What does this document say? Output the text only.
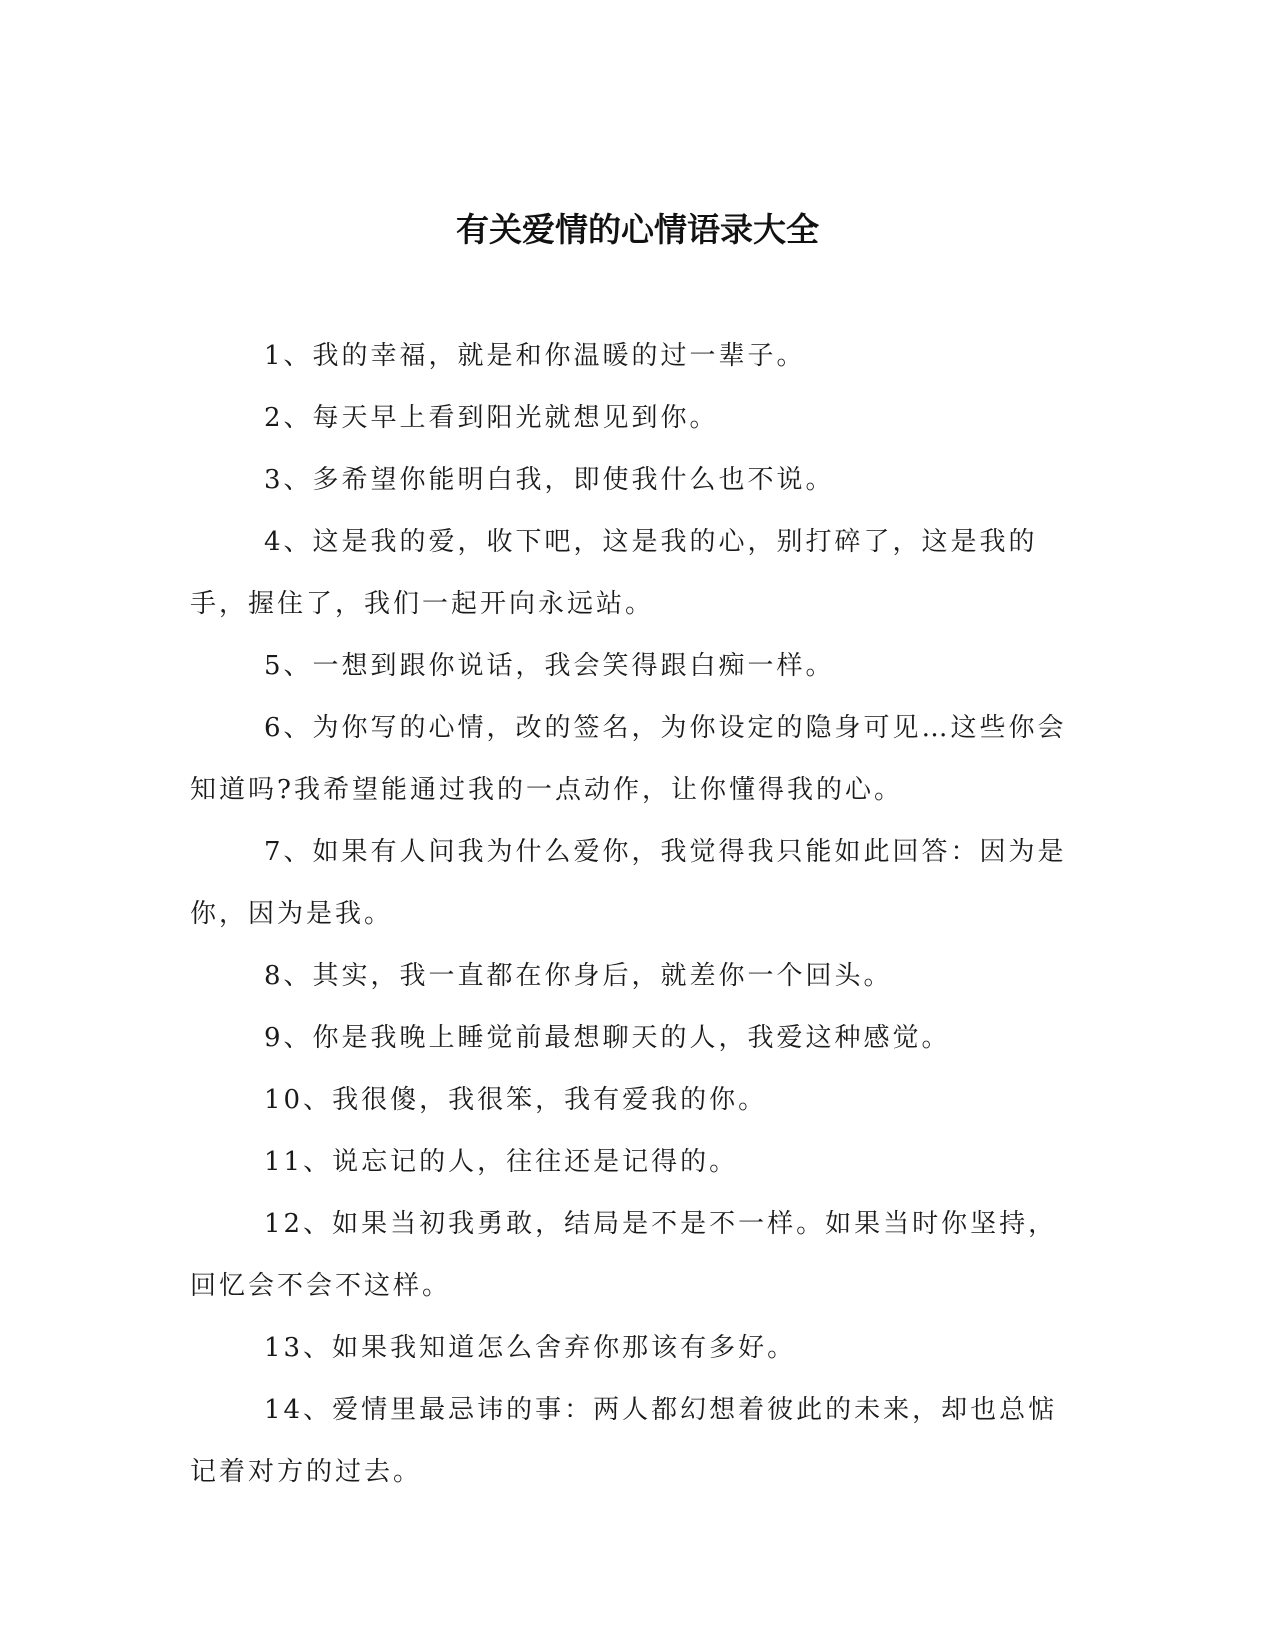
有关爱情的心情语录大全

1、我的幸福，就是和你温暖的过一辈子。

2、每天早上看到阳光就想见到你。

3、多希望你能明白我，即使我什么也不说。

4、这是我的爱，收下吧，这是我的心，别打碎了，这是我的手，握住了，我们一起开向永远站。

5、一想到跟你说话，我会笑得跟白痴一样。

6、为你写的心情，改的签名，为你设定的隐身可见…这些你会知道吗?我希望能通过我的一点动作，让你懂得我的心。

7、如果有人问我为什么爱你，我觉得我只能如此回答：因为是你，因为是我。

8、其实，我一直都在你身后，就差你一个回头。

9、你是我晚上睡觉前最想聊天的人，我爱这种感觉。

10、我很傻，我很笨，我有爱我的你。

11、说忘记的人，往往还是记得的。

12、如果当初我勇敢，结局是不是不一样。如果当时你坚持，回忆会不会不这样。

13、如果我知道怎么舍弃你那该有多好。

14、爱情里最忌讳的事：两人都幻想着彼此的未来，却也总惦记着对方的过去。
